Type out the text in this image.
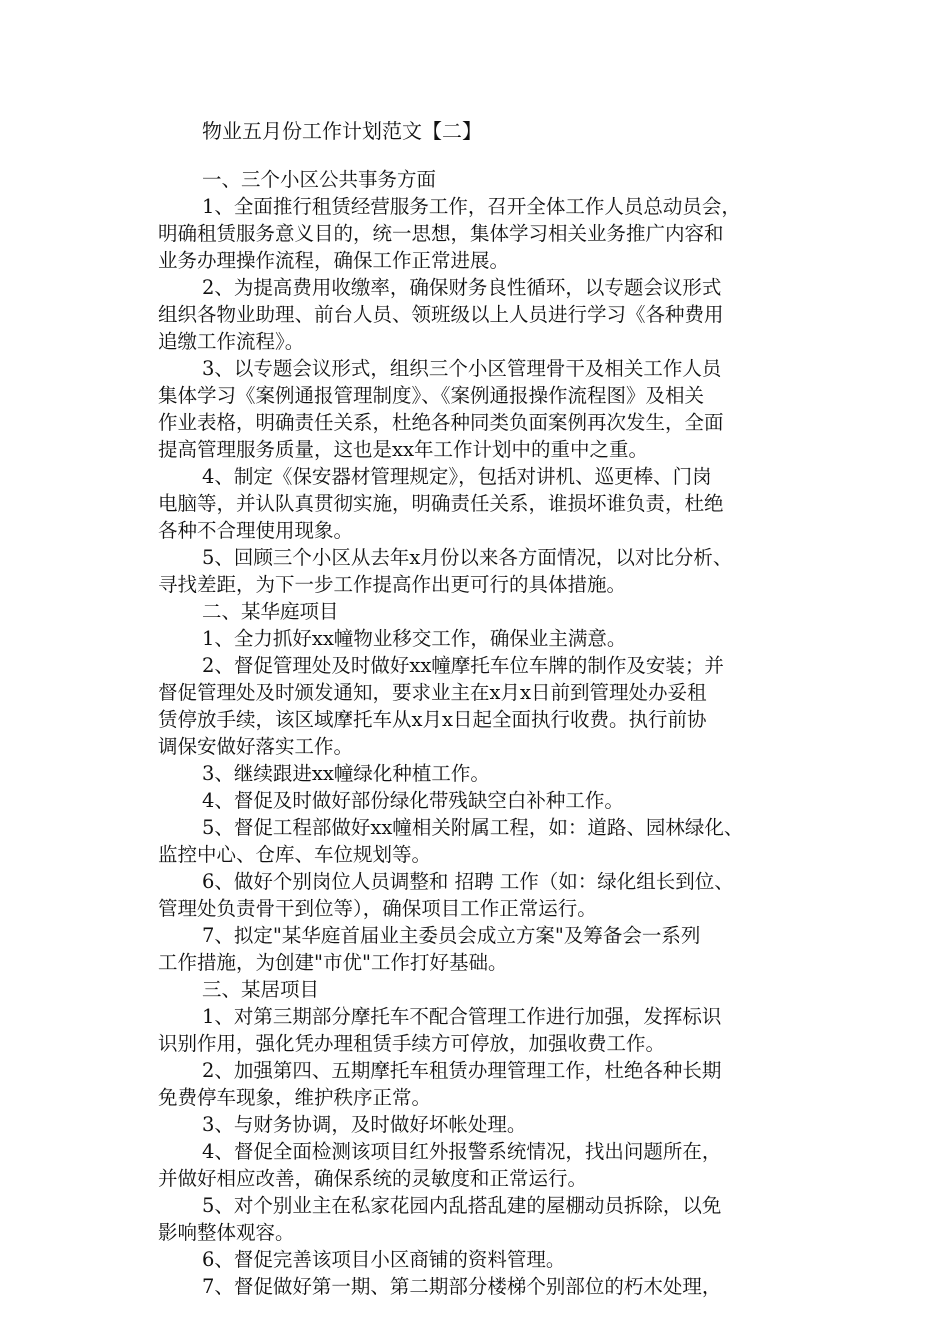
物业五月份工作计划范文【二】
一、三个小区公共事务方面
1、全面推行租赁经营服务工作，召开全体工作人员总动员会，
明确租赁服务意义目的，统一思想，集体学习相关业务推广内容和
业务办理操作流程，确保工作正常进展。
2、为提高费用收缴率，确保财务良性循环，以专题会议形式
组织各物业助理、前台人员、领班级以上人员进行学习《各种费用
追缴工作流程》。
3、以专题会议形式，组织三个小区管理骨干及相关工作人员
集体学习《案例通报管理制度》、《案例通报操作流程图》及相关
作业表格，明确责任关系，杜绝各种同类负面案例再次发生，全面
提高管理服务质量，这也是xx年工作计划中的重中之重。
4、制定《保安器材管理规定》，包括对讲机、巡更棒、门岗
电脑等，并认队真贯彻实施，明确责任关系，谁损坏谁负责，杜绝
各种不合理使用现象。
5、回顾三个小区从去年x月份以来各方面情况，以对比分析、
寻找差距，为下一步工作提高作出更可行的具体措施。
二、某华庭项目
1、全力抓好xx幢物业移交工作，确保业主满意。
2、督促管理处及时做好xx幢摩托车位车牌的制作及安装；并
督促管理处及时颁发通知，要求业主在x月x日前到管理处办妥租
赁停放手续，该区域摩托车从x月x日起全面执行收费。执行前协
调保安做好落实工作。
3、继续跟进xx幢绿化种植工作。
4、督促及时做好部份绿化带残缺空白补种工作。
5、督促工程部做好xx幢相关附属工程，如：道路、园林绿化、
监控中心、仓库、车位规划等。
6、做好个别岗位人员调整和 招聘 工作（如：绿化组长到位、
管理处负责骨干到位等），确保项目工作正常运行。
7、拟定"某华庭首届业主委员会成立方案"及筹备会一系列
工作措施，为创建"市优"工作打好基础。
三、某居项目
1、对第三期部分摩托车不配合管理工作进行加强，发挥标识
识别作用，强化凭办理租赁手续方可停放，加强收费工作。
2、加强第四、五期摩托车租赁办理管理工作，杜绝各种长期
免费停车现象，维护秩序正常。
3、与财务协调，及时做好坏帐处理。
4、督促全面检测该项目红外报警系统情况，找出问题所在，
并做好相应改善，确保系统的灵敏度和正常运行。
5、对个别业主在私家花园内乱搭乱建的屋棚动员拆除，以免
影响整体观容。
6、督促完善该项目小区商铺的资料管理。
7、督促做好第一期、第二期部分楼梯个别部位的朽木处理，
